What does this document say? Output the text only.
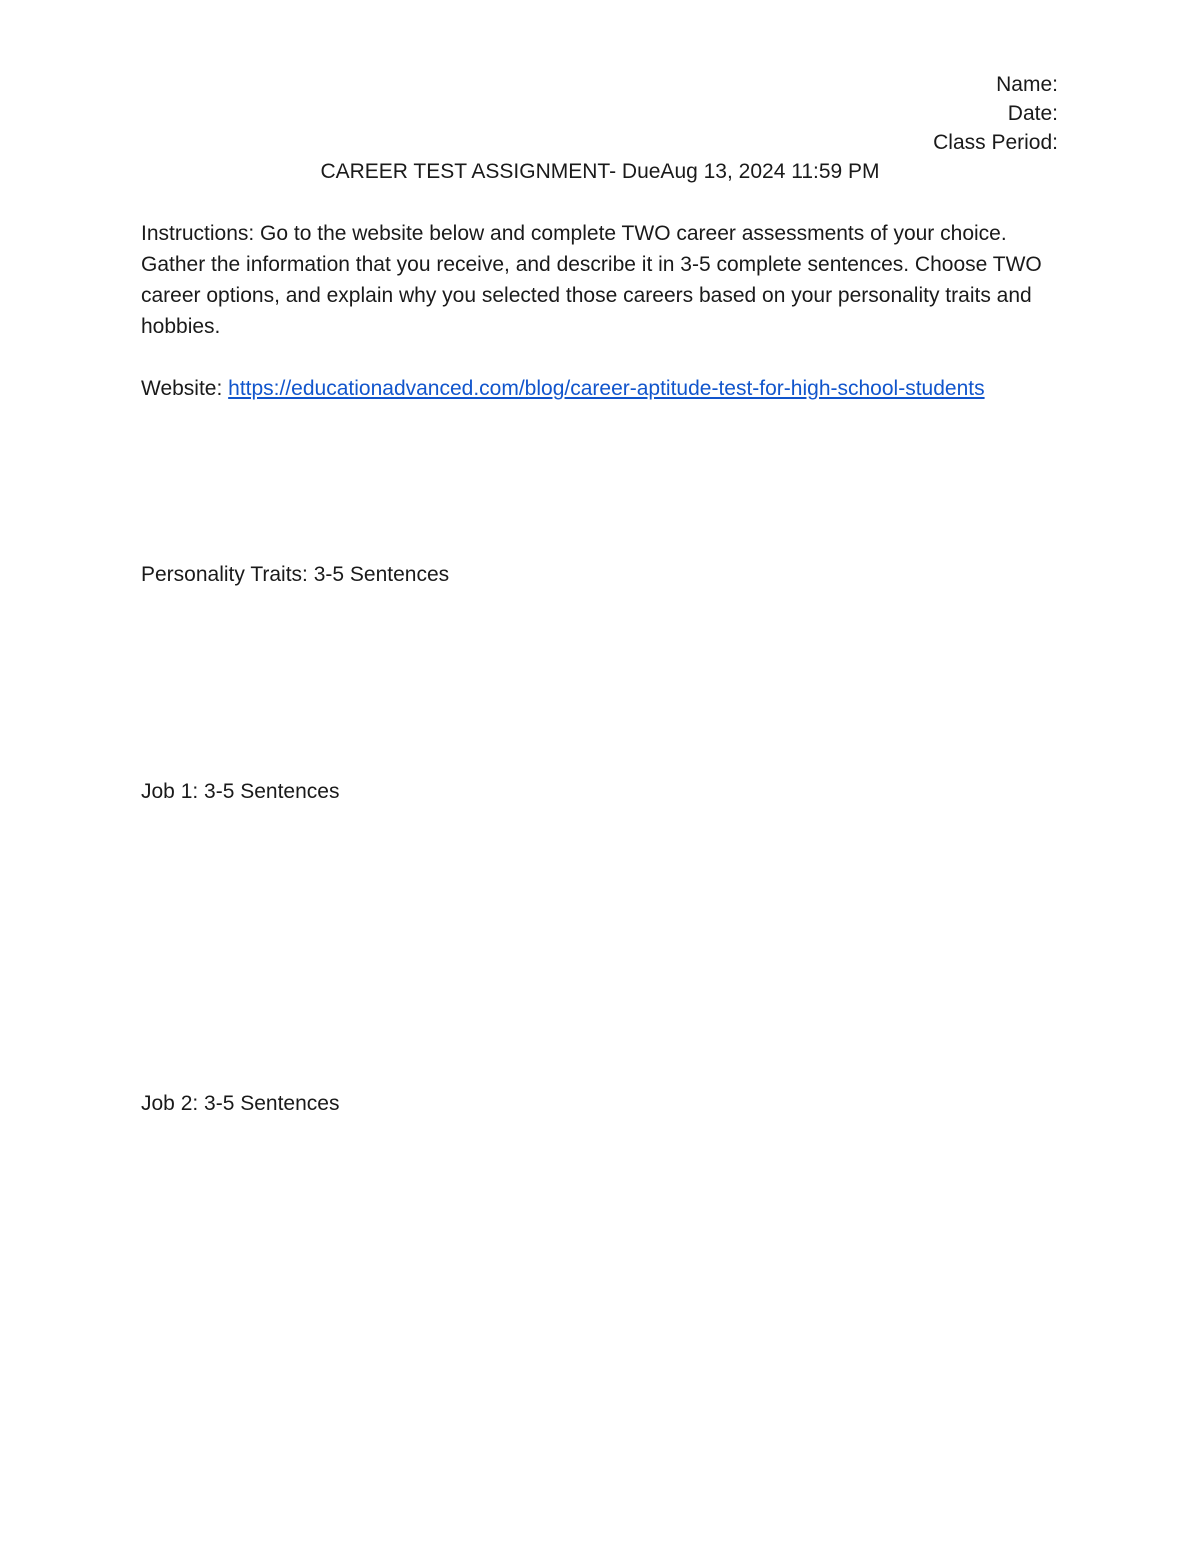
Name:
Date:
Class Period:
CAREER TEST ASSIGNMENT- DueAug 13, 2024 11:59 PM
Instructions: Go to the website below and complete TWO career assessments of your choice. Gather the information that you receive, and describe it in 3-5 complete sentences. Choose TWO career options, and explain why you selected those careers based on your personality traits and hobbies.
Website: https://educationadvanced.com/blog/career-aptitude-test-for-high-school-students
Personality Traits: 3-5 Sentences
Job 1: 3-5 Sentences
Job 2: 3-5 Sentences
